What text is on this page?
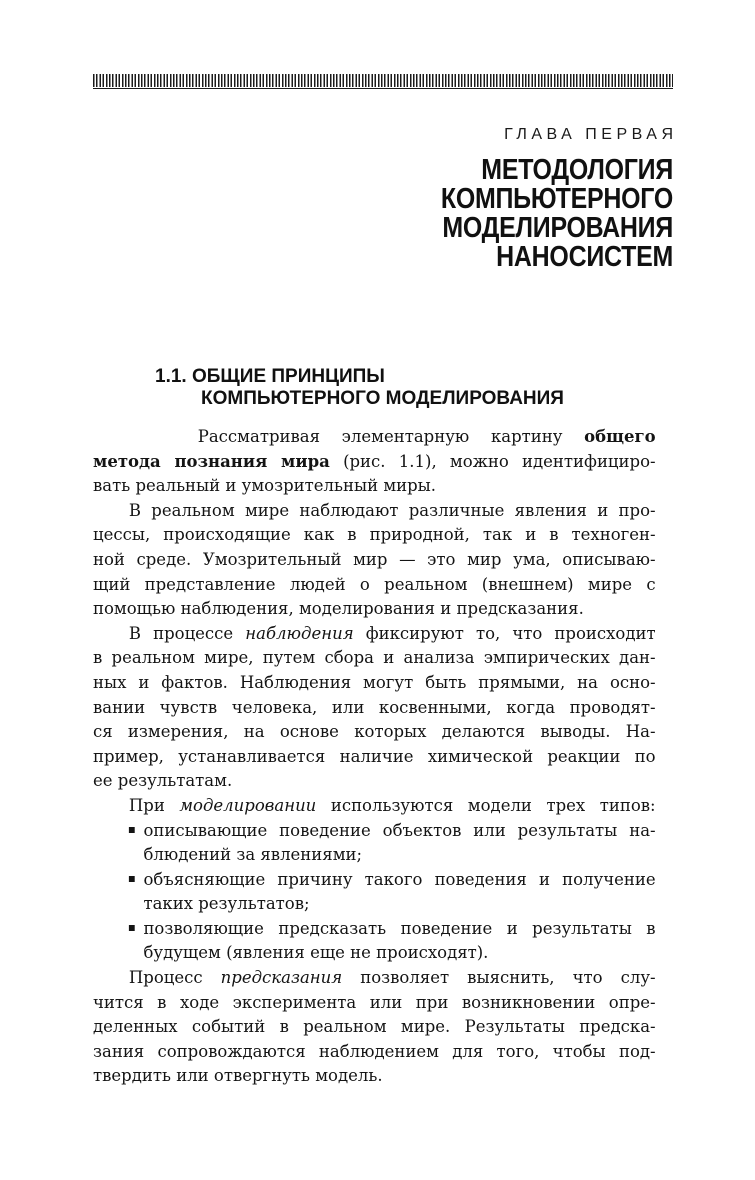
ГЛАВА ПЕРВАЯ
МЕТОДОЛОГИЯ
КОМПЬЮТЕРНОГО
МОДЕЛИРОВАНИЯ
НАНОСИСТЕМ
1.1. ОБЩИЕ ПРИНЦИПЫ
КОМПЬЮТЕРНОГО МОДЕЛИРОВАНИЯ
Рассматривая элементарную картину общего
метода познания мира (рис. 1.1), можно идентифициро-
вать реальный и умозрительный миры.
В реальном мире наблюдают различные явления и про-
цессы, происходящие как в природной, так и в техноген-
ной среде. Умозрительный мир — это мир ума, описываю-
щий представление людей о реальном (внешнем) мире с
помощью наблюдения, моделирования и предсказания.
В процессе наблюдения фиксируют то, что происходит
в реальном мире, путем сбора и анализа эмпирических дан-
ных и фактов. Наблюдения могут быть прямыми, на осно-
вании чувств человека, или косвенными, когда проводят-
ся измерения, на основе которых делаются выводы. На-
пример, устанавливается наличие химической реакции по
ее результатам.
При моделировании используются модели трех типов:
описывающие поведение объектов или результаты на-
блюдений за явлениями;
объясняющие причину такого поведения и получение
таких результатов;
позволяющие предсказать поведение и результаты в
будущем (явления еще не происходят).
Процесс предсказания позволяет выяснить, что слу-
чится в ходе эксперимента или при возникновении опре-
деленных событий в реальном мире. Результаты предска-
зания сопровождаются наблюдением для того, чтобы под-
твердить или отвергнуть модель.
